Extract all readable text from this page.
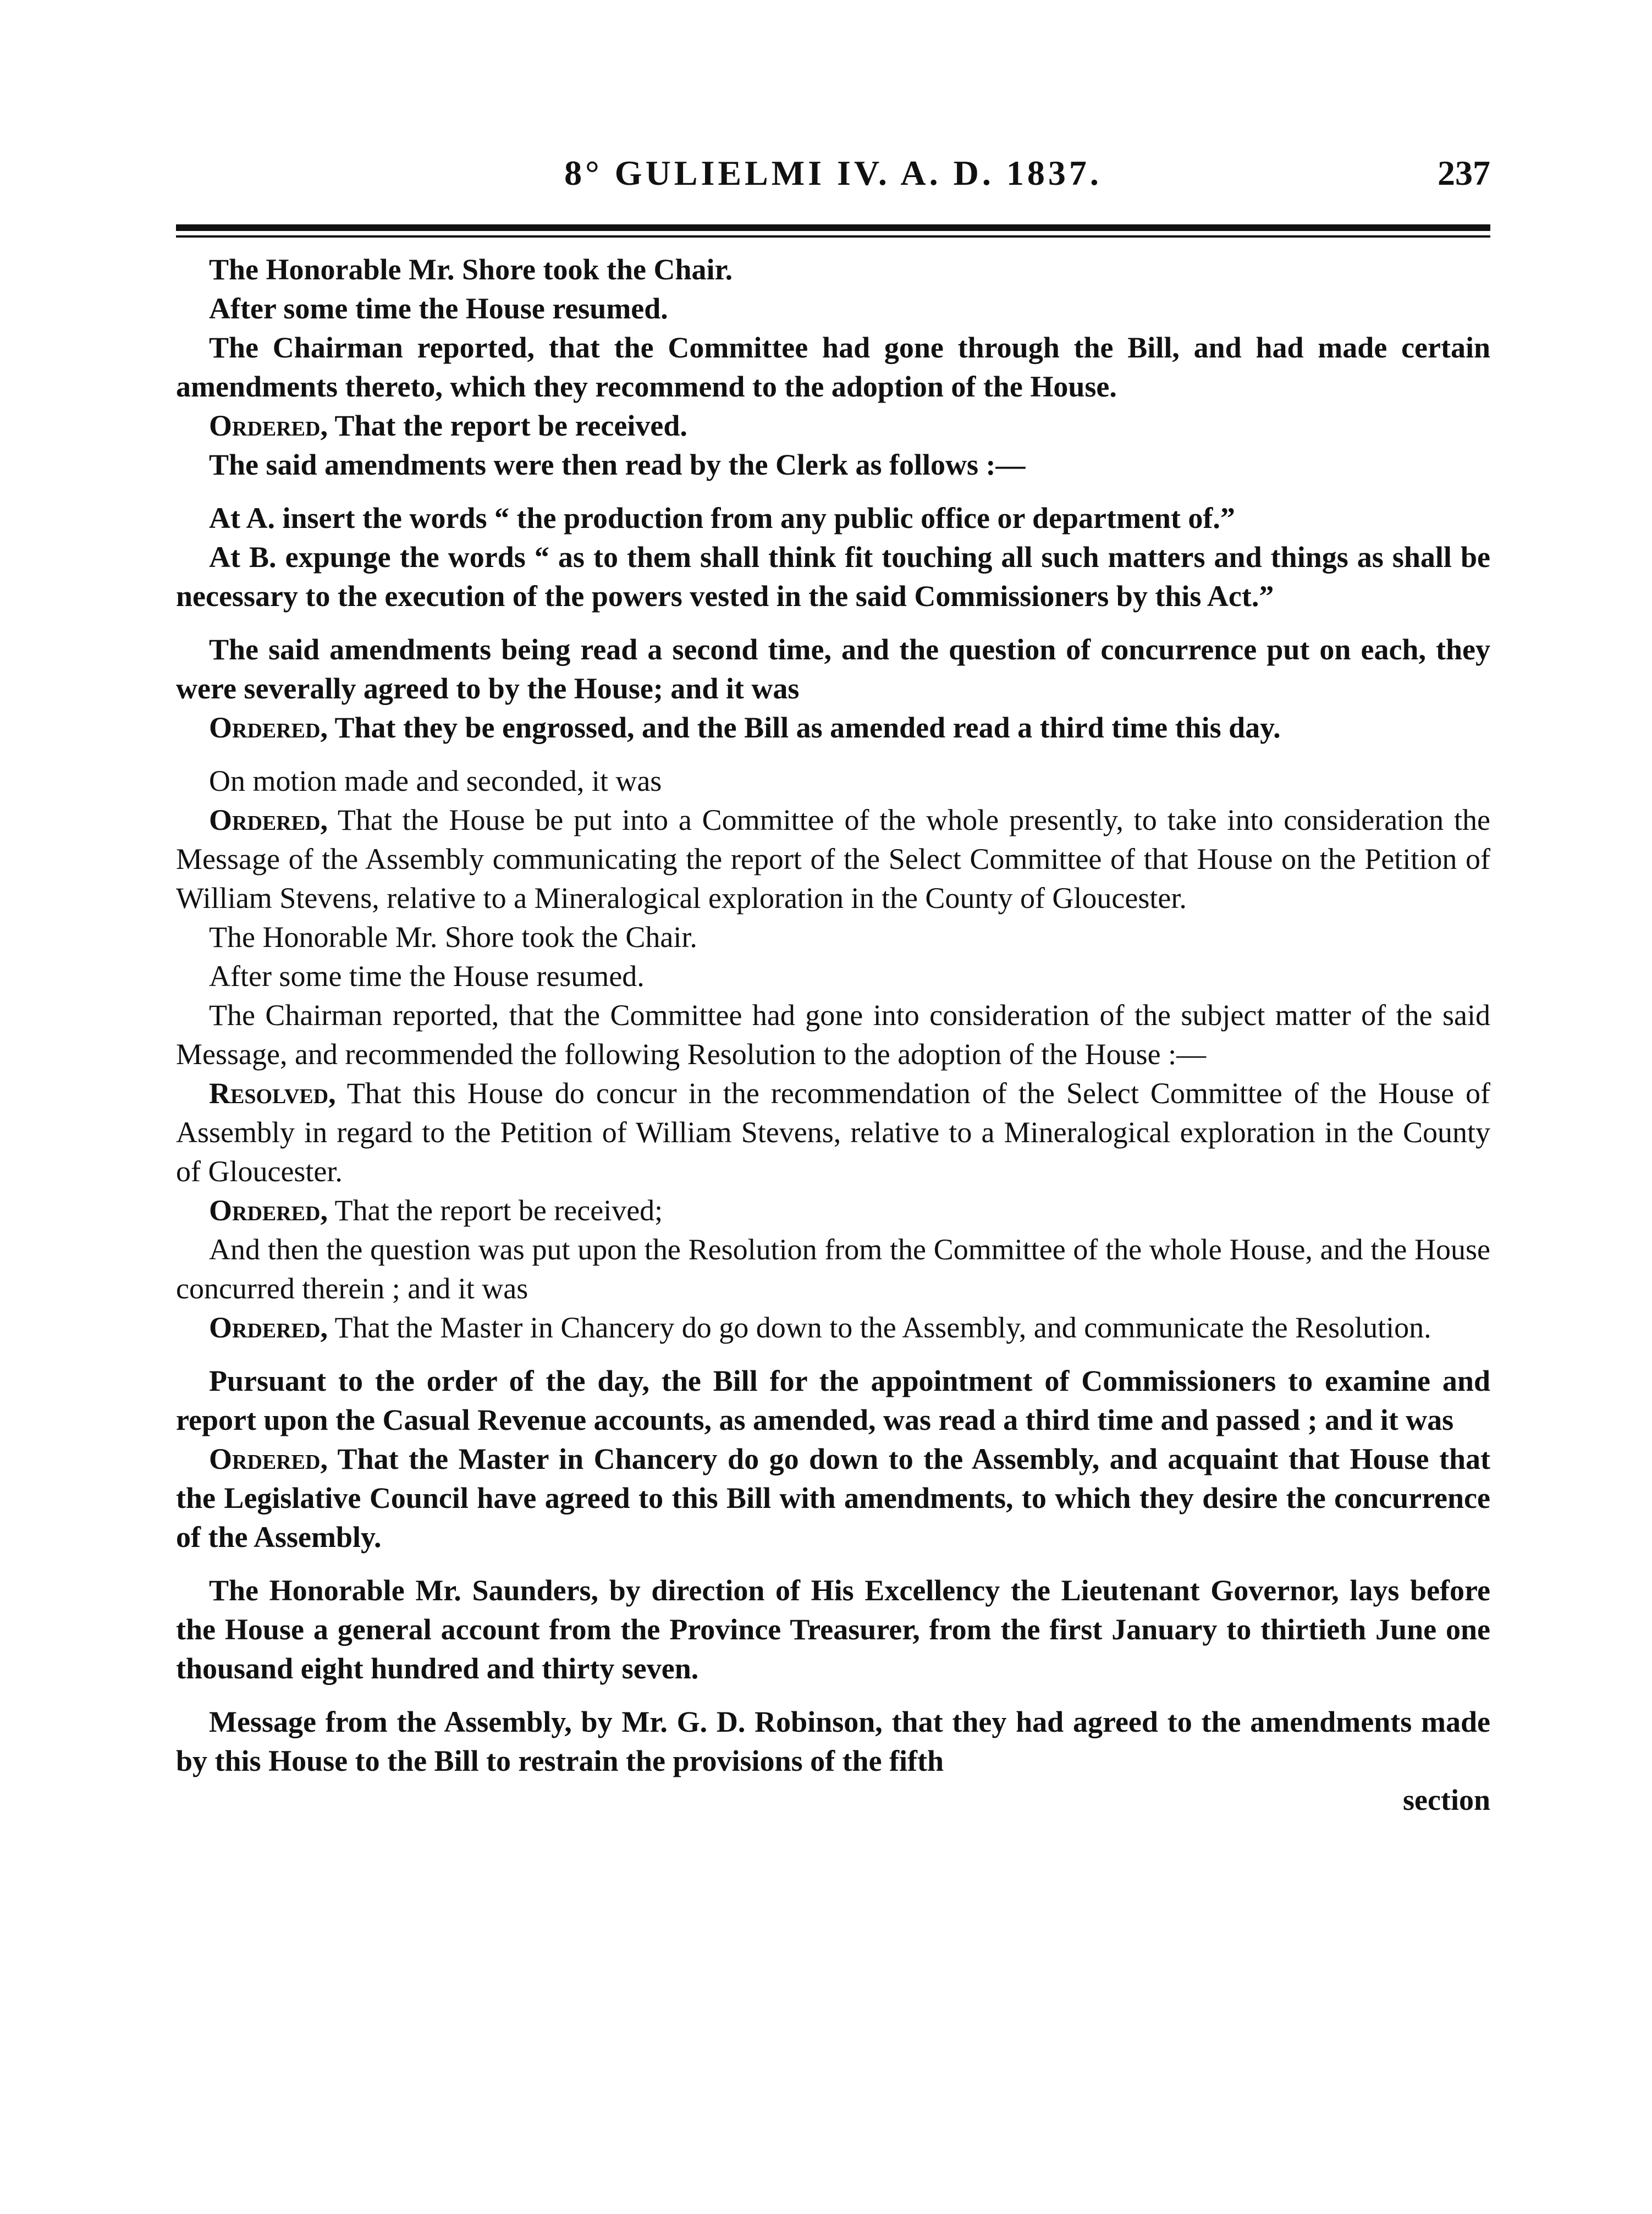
8° GULIELMI IV. A. D. 1837.	237

The Honorable Mr. Shore took the Chair.

After some time the House resumed.

The Chairman reported, that the Committee had gone through the Bill, and had made certain amendments thereto, which they recommend to the adoption of the House.

Ordered, That the report be received.

The said amendments were then read by the Clerk as follows :—

At A. insert the words “ the production from any public office or department of.”

At B. expunge the words “ as to them shall think fit touching all such matters and things as shall be necessary to the execution of the powers vested in the said Commissioners by this Act.”

The said amendments being read a second time, and the question of concurrence put on each, they were severally agreed to by the House; and it was

Ordered, That they be engrossed, and the Bill as amended read a third time this day.

On motion made and seconded, it was

Ordered, That the House be put into a Committee of the whole presently, to take into consideration the Message of the Assembly communicating the report of the Select Committee of that House on the Petition of William Stevens, relative to a Mineralogical exploration in the County of Gloucester.

The Honorable Mr. Shore took the Chair.

After some time the House resumed.

The Chairman reported, that the Committee had gone into consideration of the subject matter of the said Message, and recommended the following Resolution to the adoption of the House :—

Resolved, That this House do concur in the recommendation of the Select Committee of the House of Assembly in regard to the Petition of William Stevens, relative to a Mineralogical exploration in the County of Gloucester.

Ordered, That the report be received;

And then the question was put upon the Resolution from the Committee of the whole House, and the House concurred therein ; and it was

Ordered, That the Master in Chancery do go down to the Assembly, and communicate the Resolution.

Pursuant to the order of the day, the Bill for the appointment of Commissioners to examine and report upon the Casual Revenue accounts, as amended, was read a third time and passed ; and it was

Ordered, That the Master in Chancery do go down to the Assembly, and acquaint that House that the Legislative Council have agreed to this Bill with amendments, to which they desire the concurrence of the Assembly.

The Honorable Mr. Saunders, by direction of His Excellency the Lieutenant Governor, lays before the House a general account from the Province Treasurer, from the first January to thirtieth June one thousand eight hundred and thirty seven.

Message from the Assembly, by Mr. G. D. Robinson, that they had agreed to the amendments made by this House to the Bill to restrain the provisions of the fifth

section
